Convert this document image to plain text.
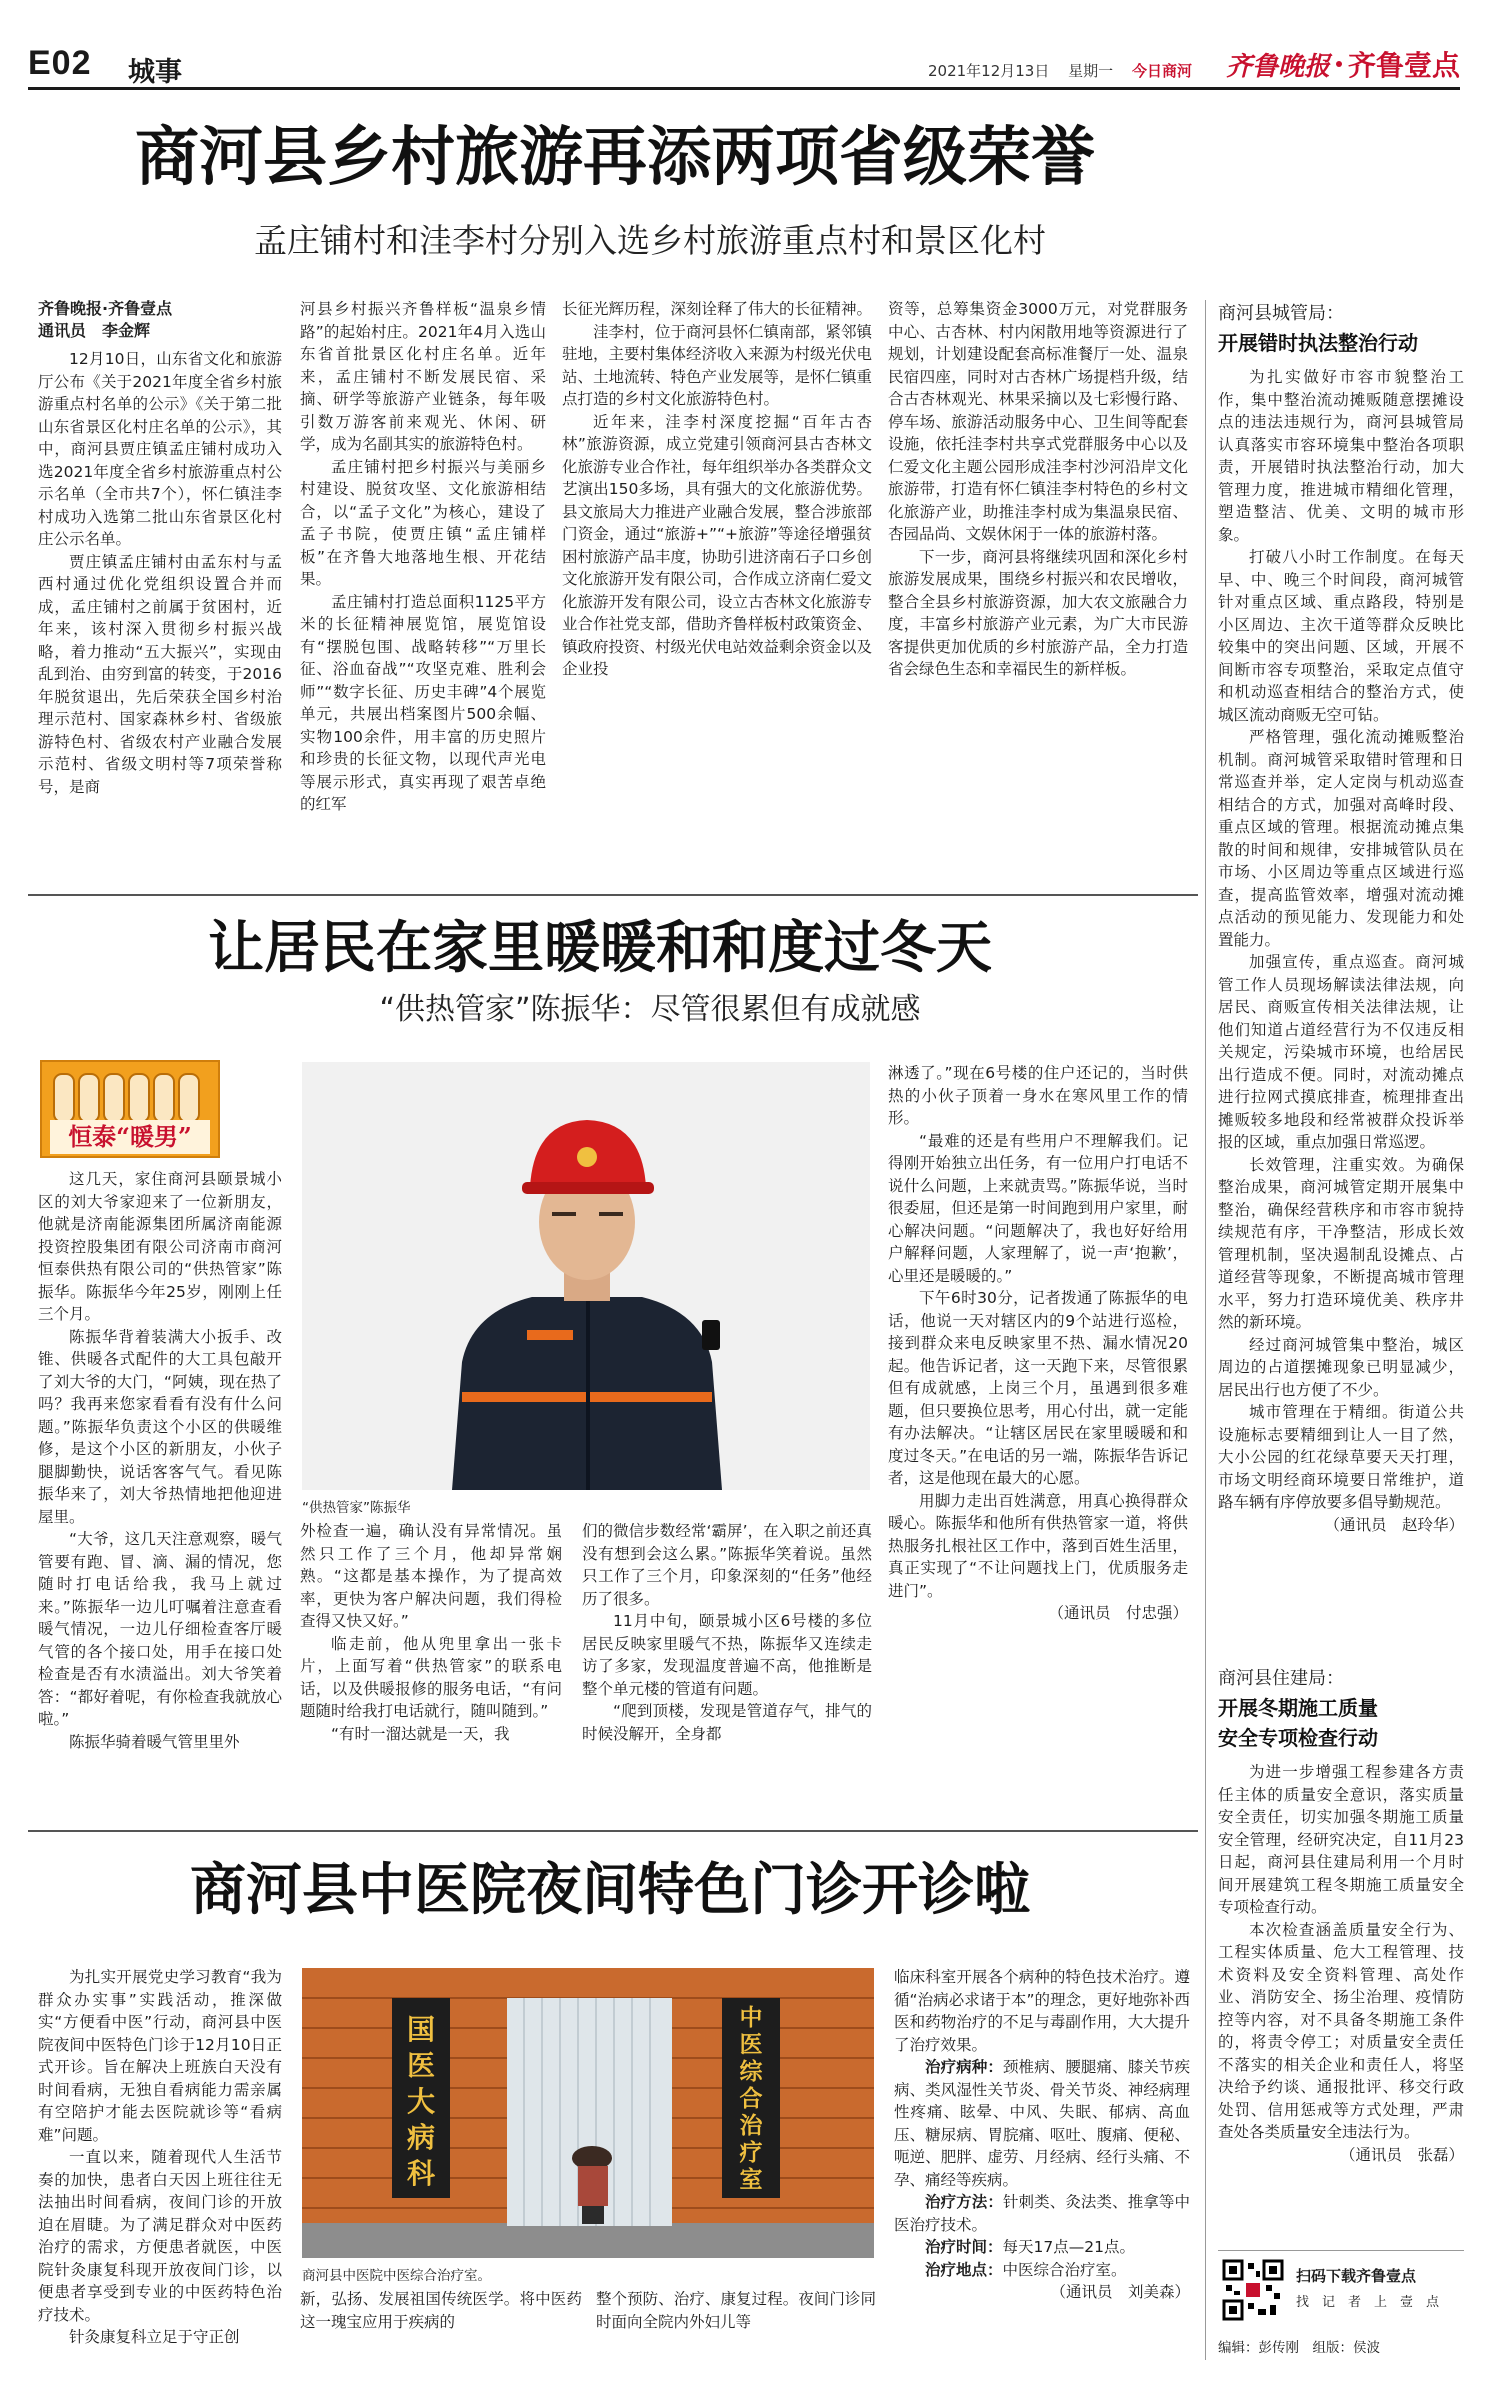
E02 城事	2021年12月13日 星期一 今日商河	齐鲁晚报 齐鲁壹点
商河县乡村旅游再添两项省级荣誉
孟庄铺村和洼李村分别入选乡村旅游重点村和景区化村
齐鲁晚报·齐鲁壹点
通讯员　李金辉

12月10日，山东省文化和旅游厅公布《关于2021年度全省乡村旅游重点村名单的公示》《关于第二批山东省景区化村庄名单的公示》，其中，商河县贾庄镇孟庄铺村成功入选2021年度全省乡村旅游重点村公示名单（全市共7个），怀仁镇洼李村成功入选第二批山东省景区化村庄公示名单。

贾庄镇孟庄铺村由孟东村与孟西村通过优化党组织设置合并而成，孟庄铺村之前属于贫困村，近年来，该村深入贯彻乡村振兴战略，着力推动“五大振兴”，实现由乱到治、由穷到富的转变，于2016年脱贫退出，先后荣获全国乡村治理示范村、国家森林乡村、省级旅游特色村、省级农村产业融合发展示范村、省级文明村等7项荣誉称号，是商

河县乡村振兴齐鲁样板“温泉乡情路”的起始村庄。2021年4月入选山东省首批景区化村庄名单。近年来，孟庄铺村不断发展民宿、采摘、研学等旅游产业链条，每年吸引数万游客前来观光、休闲、研学，成为名副其实的旅游特色村。

孟庄铺村把乡村振兴与美丽乡村建设、脱贫攻坚、文化旅游相结合，以“孟子文化”为核心，建设了孟子书院，使贾庄镇“孟庄铺样板”在齐鲁大地落地生根、开花结果。

孟庄铺村打造总面积1125平方米的长征精神展览馆，展览馆设有“摆脱包围、战略转移”“万里长征、浴血奋战”“攻坚克难、胜利会师”“数字长征、历史丰碑”4个展览单元，共展出档案图片500余幅、实物100余件，用丰富的历史照片和珍贵的长征文物，以现代声光电等展示形式，真实再现了艰苦卓绝的红军

长征光辉历程，深刻诠释了伟大的长征精神。

洼李村，位于商河县怀仁镇南部，紧邻镇驻地，主要村集体经济收入来源为村级光伏电站、土地流转、特色产业发展等，是怀仁镇重点打造的乡村文化旅游特色村。

近年来，洼李村深度挖掘“百年古杏林”旅游资源，成立党建引领商河县古杏林文化旅游专业合作社，每年组织举办各类群众文艺演出150多场，具有强大的文化旅游优势。县文旅局大力推进产业融合发展，整合涉旅部门资金，通过“旅游+”“+旅游”等途径增强贫困村旅游产品丰度，协助引进济南石子口乡创文化旅游开发有限公司，合作成立济南仁爱文化旅游开发有限公司，设立古杏林文化旅游专业合作社党支部，借助齐鲁样板村政策资金、镇政府投资、村级光伏电站效益剩余资金以及企业投

资等，总筹集资金3000万元，对党群服务中心、古杏林、村内闲散用地等资源进行了规划，计划建设配套高标准餐厅一处、温泉民宿四座，同时对古杏林广场提档升级，结合古杏林观光、林果采摘以及七彩慢行路、停车场、旅游活动服务中心、卫生间等配套设施，依托洼李村共享式党群服务中心以及仁爱文化主题公园形成洼李村沙河沿岸文化旅游带，打造有怀仁镇洼李村特色的乡村文化旅游产业，助推洼李村成为集温泉民宿、杏园品尚、文娱休闲于一体的旅游村落。

下一步，商河县将继续巩固和深化乡村旅游发展成果，围绕乡村振兴和农民增收，整合全县乡村旅游资源，加大农文旅融合力度，丰富乡村旅游产业元素，为广大市民游客提供更加优质的乡村旅游产品，全力打造省会绿色生态和幸福民生的新样板。

让居民在家里暖暖和和度过冬天
“供热管家”陈振华：尽管很累但有成就感
恒泰“暖男”

这几天，家住商河县颐景城小区的刘大爷家迎来了一位新朋友，他就是济南能源集团所属济南能源投资控股集团有限公司济南市商河恒泰供热有限公司的“供热管家”陈振华。陈振华今年25岁，刚刚上任三个月。

陈振华背着装满大小扳手、改锥、供暖各式配件的大工具包敲开了刘大爷的大门，“阿姨，现在热了吗？我再来您家看看有没有什么问题。”陈振华负责这个小区的供暖维修，是这个小区的新朋友，小伙子腿脚勤快，说话客客气气。看见陈振华来了，刘大爷热情地把他迎进屋里。

“大爷，这几天注意观察，暖气管要有跑、冒、滴、漏的情况，您随时打电话给我，我马上就过来。”陈振华一边儿叮嘱着注意查看暖气情况，一边儿仔细检查客厅暖气管的各个接口处，用手在接口处检查是否有水渍溢出。刘大爷笑着答：“都好着呢，有你检查我就放心啦。”

陈振华骑着暖气管里里外

“供热管家”陈振华

外检查一遍，确认没有异常情况。虽然只工作了三个月，他却异常娴熟。“这都是基本操作，为了提高效率，更快为客户解决问题，我们得检查得又快又好。”

临走前，他从兜里拿出一张卡片，上面写着“供热管家”的联系电话，以及供暖报修的服务电话，“有问题随时给我打电话就行，随叫随到。”

“有时一溜达就是一天，我

们的微信步数经常‘霸屏’，在入职之前还真没有想到会这么累。”陈振华笑着说。虽然只工作了三个月，印象深刻的“任务”他经历了很多。

11月中旬，颐景城小区6号楼的多位居民反映家里暖气不热，陈振华又连续走访了多家，发现温度普遍不高，他推断是整个单元楼的管道有问题。

“爬到顶楼，发现是管道存气，排气的时候没解开，全身都

淋透了。”现在6号楼的住户还记的，当时供热的小伙子顶着一身水在寒风里工作的情形。

“最难的还是有些用户不理解我们。记得刚开始独立出任务，有一位用户打电话不说什么问题，上来就责骂。”陈振华说，当时很委屈，但还是第一时间跑到用户家里，耐心解决问题。“问题解决了，我也好好给用户解释问题，人家理解了，说一声‘抱歉’，心里还是暖暖的。”

下午6时30分，记者拨通了陈振华的电话，他说一天对辖区内的9个站进行巡检，接到群众来电反映家里不热、漏水情况20起。他告诉记者，这一天跑下来，尽管很累但有成就感，上岗三个月，虽遇到很多难题，但只要换位思考，用心付出，就一定能有办法解决。“让辖区居民在家里暖暖和和度过冬天。”在电话的另一端，陈振华告诉记者，这是他现在最大的心愿。

用脚力走出百姓满意，用真心换得群众暖心。陈振华和他所有供热管家一道，将供热服务扎根社区工作中，落到百姓生活里，真正实现了“不让问题找上门，优质服务走进门”。

（通讯员　付忠强）
商河县中医院夜间特色门诊开诊啦

为扎实开展党史学习教育“我为群众办实事”实践活动，推深做实“方便看中医”行动，商河县中医院夜间中医特色门诊于12月10日正式开诊。旨在解决上班族白天没有时间看病，无独自看病能力需亲属有空陪护才能去医院就诊等“看病难”问题。

一直以来，随着现代人生活节奏的加快，患者白天因上班往往无法抽出时间看病，夜间门诊的开放迫在眉睫。为了满足群众对中医药治疗的需求，方便患者就医，中医院针灸康复科现开放夜间门诊，以便患者享受到专业的中医药特色治疗技术。

针灸康复科立足于守正创

国医大病科
中医综合治疗室
商河县中医院中医综合治疗室。

新，弘扬、发展祖国传统医学。将中医药这一瑰宝应用于疾病的

整个预防、治疗、康复过程。夜间门诊同时面向全院内外妇儿等

临床科室开展各个病种的特色技术治疗。遵循“治病必求诸于本”的理念，更好地弥补西医和药物治疗的不足与毒副作用，大大提升了治疗效果。

治疗病种：颈椎病、腰腿痛、膝关节疾病、类风湿性关节炎、骨关节炎、神经病理性疼痛、眩晕、中风、失眠、郁病、高血压、糖尿病、胃脘痛、呕吐、腹痛、便秘、呃逆、肥胖、虚劳、月经病、经行头痛、不孕、痛经等疾病。

治疗方法：针刺类、灸法类、推拿等中医治疗技术。

治疗时间：每天17点—21点。

治疗地点：中医综合治疗室。

（通讯员　刘美森）
商河县城管局：
开展错时执法整治行动

为扎实做好市容市貌整治工作，集中整治流动摊贩随意摆摊设点的违法违规行为，商河县城管局认真落实市容环境集中整治各项职责，开展错时执法整治行动，加大管理力度，推进城市精细化管理，塑造整洁、优美、文明的城市形象。

打破八小时工作制度。在每天早、中、晚三个时间段，商河城管针对重点区域、重点路段，特别是小区周边、主次干道等群众反映比较集中的突出问题、区域，开展不间断市容专项整治，采取定点值守和机动巡查相结合的整治方式，使城区流动商贩无空可钻。

严格管理，强化流动摊贩整治机制。商河城管采取错时管理和日常巡查并举，定人定岗与机动巡查相结合的方式，加强对高峰时段、重点区域的管理。根据流动摊点集散的时间和规律，安排城管队员在市场、小区周边等重点区域进行巡查，提高监管效率，增强对流动摊点活动的预见能力、发现能力和处置能力。

加强宣传，重点巡查。商河城管工作人员现场解读法律法规，向居民、商贩宣传相关法律法规，让他们知道占道经营行为不仅违反相关规定，污染城市环境，也给居民出行造成不便。同时，对流动摊点进行拉网式摸底排查，梳理排查出摊贩较多地段和经常被群众投诉举报的区域，重点加强日常巡逻。

长效管理，注重实效。为确保整治成果，商河城管定期开展集中整治，确保经营秩序和市容市貌持续规范有序，干净整洁，形成长效管理机制，坚决遏制乱设摊点、占道经营等现象，不断提高城市管理水平，努力打造环境优美、秩序井然的新环境。

经过商河城管集中整治，城区周边的占道摆摊现象已明显减少，居民出行也方便了不少。

城市管理在于精细。街道公共设施标志要精细到让人一目了然，大小公园的红花绿草要天天打理，市场文明经商环境要日常维护，道路车辆有序停放要多倡导勤规范。

（通讯员　赵玲华）
商河县住建局：
开展冬期施工质量
安全专项检查行动

为进一步增强工程参建各方责任主体的质量安全意识，落实质量安全责任，切实加强冬期施工质量安全管理，经研究决定，自11月23日起，商河县住建局利用一个月时间开展建筑工程冬期施工质量安全专项检查行动。

本次检查涵盖质量安全行为、工程实体质量、危大工程管理、技术资料及安全资料管理、高处作业、消防安全、扬尘治理、疫情防控等内容，对不具备冬期施工条件的，将责令停工；对质量安全责任不落实的相关企业和责任人，将坚决给予约谈、通报批评、移交行政处罚、信用惩戒等方式处理，严肃查处各类质量安全违法行为。

（通讯员　张磊）
扫码下载齐鲁壹点
找　记　者　上　壹　点
编辑：彭传刚　组版：侯波
